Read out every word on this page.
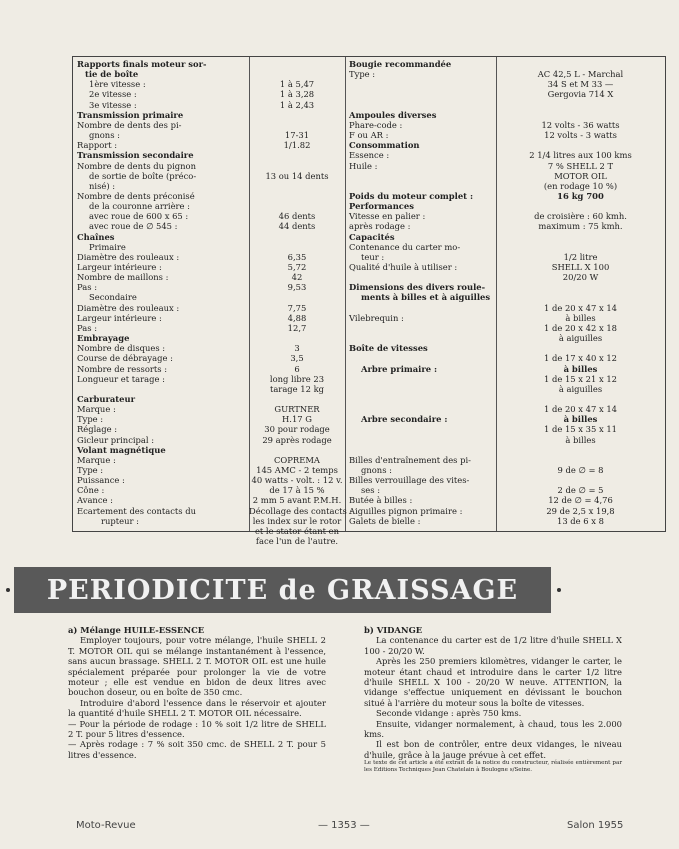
Rapports finals moteur sor-
tie de boîte
1ère vitesse :
2e vitesse :
3e vitesse :
Transmission primaire
Nombre de dents des pi-
gnons :
Rapport :
Transmission secondaire
Nombre de dents du pignon
de sortie de boîte (préco-
nisé) :
Nombre de dents préconisé
de la couronne arrière :
avec roue de 600 x 65 :
avec roue de ∅ 545 :
Chaînes
Primaire
Diamètre des rouleaux :
Largeur intérieure :
Nombre de maillons :
Pas :
Secondaire
Diamètre des rouleaux :
Largeur intérieure :
Pas :
Embrayage
Nombre de disques :
Course de débrayage :
Nombre de ressorts :
Longueur et tarage :
Carburateur
Marque :
Type :
Réglage :
Gicleur principal :
Volant magnétique
Marque :
Type :
Puissance :
Cône :
Avance :
Ecartement des contacts du
rupteur :
1 à 5,47
1 à 3,28
1 à 2,43
17-31
1/1.82
13 ou 14 dents
46 dents
44 dents
6,35
5,72
42
9,53
7,75
4,88
12,7
3
3,5
6
long libre 23
tarage 12 kg
GURTNER
H.17 G
30 pour rodage
29 après rodage
COPREMA
145 AMC - 2 temps
40 watts - volt. : 12 v.
de 17 à 15 %
2 mm 5 avant P.M.H.
Décollage des contacts :
les index sur le rotor
et le stator étant en
face l'un de l'autre.
Bougie recommandée
Type :
Ampoules diverses
Phare-code :
F ou AR :
Consommation
Essence :
Huile :
Poids du moteur complet :
Performances
Vitesse en palier :
après rodage :
Capacités
Contenance du carter mo-
teur :
Qualité d'huile à utiliser :
Dimensions des divers roule-
ments à billes et à aiguilles
Vilebrequin :
Boîte de vitesses
Arbre primaire :
Arbre secondaire :
Billes d'entraînement des pi-
gnons :
Billes verrouillage des vites-
ses :
Butée à billes :
Aiguilles pignon primaire :
Galets de bielle :
AC 42,5 L - Marchal
34 S et M 33 —
Gergovia 714 X
12 volts - 36 watts
12 volts - 3 watts
2 1/4 litres aux 100 kms
7 % SHELL 2 T
MOTOR OIL
(en rodage 10 %)
16 kg 700
de croisière : 60 kmh.
maximum : 75 kmh.
1/2 litre
SHELL X 100
20/20 W
1 de 20 x 47 x 14
à billes
1 de 20 x 42 x 18
à aiguilles
1 de 17 x 40 x 12
à billes
1 de 15 x 21 x 12
à aiguilles
1 de 20 x 47 x 14
à billes
1 de 15 x 35 x 11
à billes
9 de ∅ = 8
2 de ∅ = 5
12 de ∅ = 4,76
29 de 2,5 x 19,8
13 de 6 x 8
PERIODICITE de GRAISSAGE

a) Mélange HUILE-ESSENCE

Employer toujours, pour votre mélange, l'huile SHELL 2 T. MOTOR OIL qui se mélange instantanément à l'essence, sans aucun brassage. SHELL 2 T. MOTOR OIL est une huile spécialement préparée pour prolonger la vie de votre moteur ; elle est vendue en bidon de deux litres avec bouchon doseur, ou en boîte de 350 cmc.

Introduire d'abord l'essence dans le réservoir et ajouter la quantité d'huile SHELL 2 T. MOTOR OIL nécessaire.

— Pour la période de rodage : 10 % soit 1/2 litre de SHELL 2 T. pour 5 litres d'essence.

— Après rodage : 7 % soit 350 cmc. de SHELL 2 T. pour 5 litres d'essence.

b) VIDANGE

La contenance du carter est de 1/2 litre d'huile SHELL X 100 - 20/20 W.

Après les 250 premiers kilomètres, vidanger le carter, le moteur étant chaud et introduire dans le carter 1/2 litre d'huile SHELL X 100 - 20/20 W neuve. ATTENTION, la vidange s'effectue uniquement en dévissant le bouchon situé à l'arrière du moteur sous la boîte de vitesses.

Seconde vidange : après 750 kms.

Ensuite, vidanger normalement, à chaud, tous les 2.000 kms.

Il est bon de contrôler, entre deux vidanges, le niveau d'huile, grâce à la jauge prévue à cet effet.

Le texte de cet article a été extrait de la notice du constructeur, réalisée entièrement par les Editions Techniques Jean Chatelain à Boulogne s/Seine.

Moto-Revue	— 1353 —	Salon 1955
